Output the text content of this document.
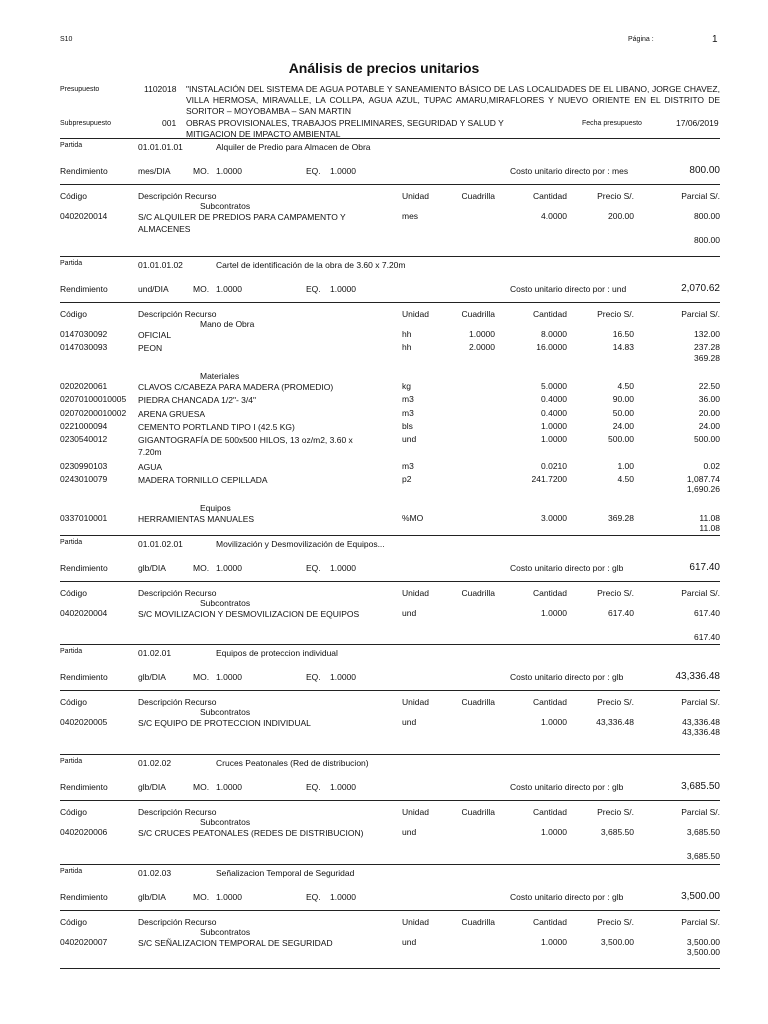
S10	Página :	1
Análisis de precios unitarios
Presupuesto	1102018 "INSTALACIÓN DEL SISTEMA DE AGUA POTABLE Y SANEAMIENTO BÁSICO DE LAS LOCALIDADES DE EL LIBANO, JORGE CHAVEZ, VILLA HERMOSA, MIRAVALLE, LA COLLPA, AGUA AZUL, TUPAC AMARU,MIRAFLORES Y NUEVO ORIENTE EN EL DISTRITO DE SORITOR – MOYOBAMBA – SAN MARTIN
Subpresupuesto	001 OBRAS PROVISIONALES, TRABAJOS PRELIMINARES, SEGURIDAD Y SALUD Y MITIGACION DE IMPACTO AMBIENTAL
Fecha presupuesto	17/06/2019
Partida	01.01.01.01	Alquiler de Predio para Almacen de Obra
Rendimiento	mes/DIA	MO. 1.0000	EQ. 1.0000	Costo unitario directo por : mes	800.00
Código	Descripción Recurso	Unidad	Cuadrilla	Cantidad	Precio S/.	Parcial S/.
Subcontratos
0402020014	S/C ALQUILER DE PREDIOS PARA CAMPAMENTO Y ALMACENES
mes	4.0000	200.00	800.00
800.00
Partida	01.01.01.02	Cartel de identificación de la obra de 3.60 x 7.20m
Rendimiento	und/DIA	MO. 1.0000	EQ. 1.0000	Costo unitario directo por : und	2,070.62
Código	Descripción Recurso	Unidad	Cuadrilla	Cantidad	Precio S/.	Parcial S/.
Mano de Obra
0147030092	OFICIAL	hh	1.0000	8.0000	16.50	132.00
0147030093	PEON	hh	2.0000	16.0000	14.83	237.28
369.28
Materiales
0202020061	CLAVOS C/CABEZA PARA MADERA (PROMEDIO)	kg	5.0000	4.50	22.50
02070100010005 PIEDRA CHANCADA 1/2"- 3/4"	m3	0.4000	90.00	36.00
02070200010002 ARENA GRUESA	m3	0.4000	50.00	20.00
0221000094	CEMENTO PORTLAND TIPO I (42.5 KG)	bls	1.0000	24.00	24.00
0230540012	GIGANTOGRAFÍA DE 500x500 HILOS, 13 oz/m2, 3.60 x 7.20m
und	1.0000	500.00	500.00
0230990103	AGUA	m3	0.0210	1.00	0.02
0243010079	MADERA TORNILLO CEPILLADA	p2	241.7200	4.50	1,087.74
1,690.26
Equipos
0337010001	HERRAMIENTAS MANUALES	%MO	3.0000	369.28	11.08
11.08
Partida	01.01.02.01	Movilización y Desmovilización de Equipos...
Rendimiento	glb/DIA	MO. 1.0000	EQ. 1.0000	Costo unitario directo por : glb	617.40
Código	Descripción Recurso	Unidad	Cuadrilla	Cantidad	Precio S/.	Parcial S/.
Subcontratos
0402020004	S/C MOVILIZACION Y DESMOVILIZACION DE EQUIPOS	und	1.0000	617.40	617.40
617.40
Partida	01.02.01	Equipos de proteccion individual
Rendimiento	glb/DIA	MO. 1.0000	EQ. 1.0000	Costo unitario directo por : glb	43,336.48
Código	Descripción Recurso	Unidad	Cuadrilla	Cantidad	Precio S/.	Parcial S/.
Subcontratos
0402020005	S/C EQUIPO DE PROTECCION INDIVIDUAL	und	1.0000	43,336.48	43,336.48
43,336.48
Partida	01.02.02	Cruces Peatonales (Red de distribucion)
Rendimiento	glb/DIA	MO. 1.0000	EQ. 1.0000	Costo unitario directo por : glb	3,685.50
Código	Descripción Recurso	Unidad	Cuadrilla	Cantidad	Precio S/.	Parcial S/.
Subcontratos
0402020006	S/C CRUCES PEATONALES (REDES DE DISTRIBUCION)	und	1.0000	3,685.50	3,685.50
3,685.50
Partida	01.02.03	Señalizacion Temporal de Seguridad
Rendimiento	glb/DIA	MO. 1.0000	EQ. 1.0000	Costo unitario directo por : glb	3,500.00
Código	Descripción Recurso	Unidad	Cuadrilla	Cantidad	Precio S/.	Parcial S/.
Subcontratos
0402020007	S/C SEÑALIZACION TEMPORAL DE SEGURIDAD	und	1.0000	3,500.00	3,500.00
3,500.00
